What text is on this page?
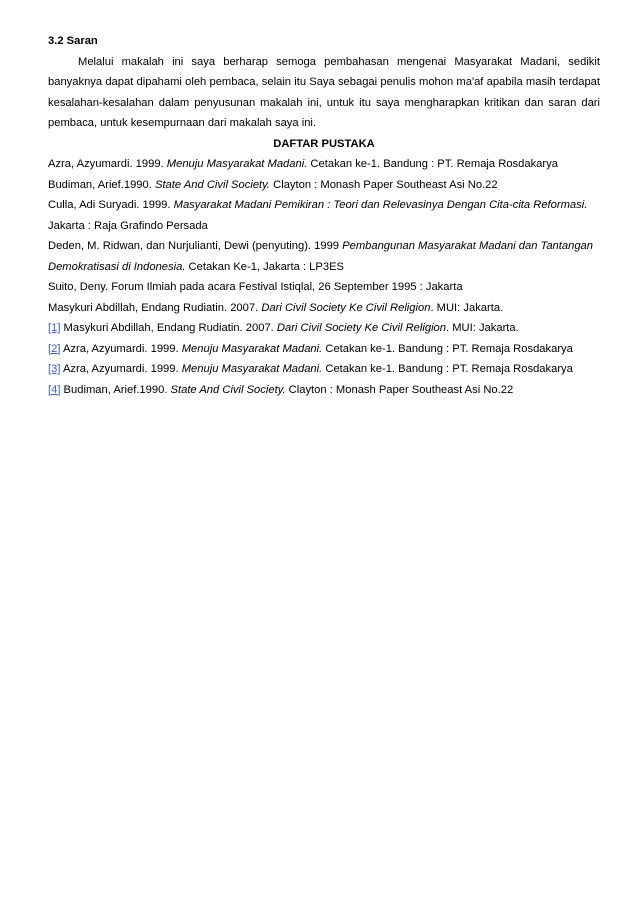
3.2 Saran
Melalui makalah ini saya berharap semoga pembahasan mengenai Masyarakat Madani, sedikit banyaknya dapat dipahami oleh pembaca, selain itu Saya sebagai penulis mohon ma'af apabila masih terdapat kesalahan-kesalahan dalam penyusunan makalah ini, untuk itu saya mengharapkan kritikan dan saran dari pembaca, untuk kesempurnaan dari makalah saya ini.
DAFTAR PUSTAKA

Azra, Azyumardi. 1999. Menuju Masyarakat Madani. Cetakan ke-1. Bandung : PT. Remaja Rosdakarya

Budiman, Arief.1990. State And Civil Society. Clayton : Monash Paper Southeast Asi No.22

Culla, Adi Suryadi. 1999. Masyarakat Madani Pemikiran : Teori dan Relevasinya Dengan Cita-cita Reformasi. Jakarta : Raja Grafindo Persada

Deden, M. Ridwan, dan Nurjulianti, Dewi (penyuting). 1999 Pembangunan Masyarakat Madani dan Tantangan Demokratisasi di Indonesia. Cetakan Ke-1, Jakarta : LP3ES

Suito, Deny. Forum Ilmiah pada acara Festival Istiqlal, 26 September 1995 : Jakarta

Masykuri Abdillah, Endang Rudiatin. 2007. Dari Civil Society Ke Civil Religion. MUI: Jakarta.

[1] Masykuri Abdillah, Endang Rudiatin. 2007. Dari Civil Society Ke Civil Religion. MUI: Jakarta.

[2] Azra, Azyumardi. 1999. Menuju Masyarakat Madani. Cetakan ke-1. Bandung : PT. Remaja Rosdakarya

[3] Azra, Azyumardi. 1999. Menuju Masyarakat Madani. Cetakan ke-1. Bandung : PT. Remaja Rosdakarya

[4] Budiman, Arief.1990. State And Civil Society. Clayton : Monash Paper Southeast Asi No.22
